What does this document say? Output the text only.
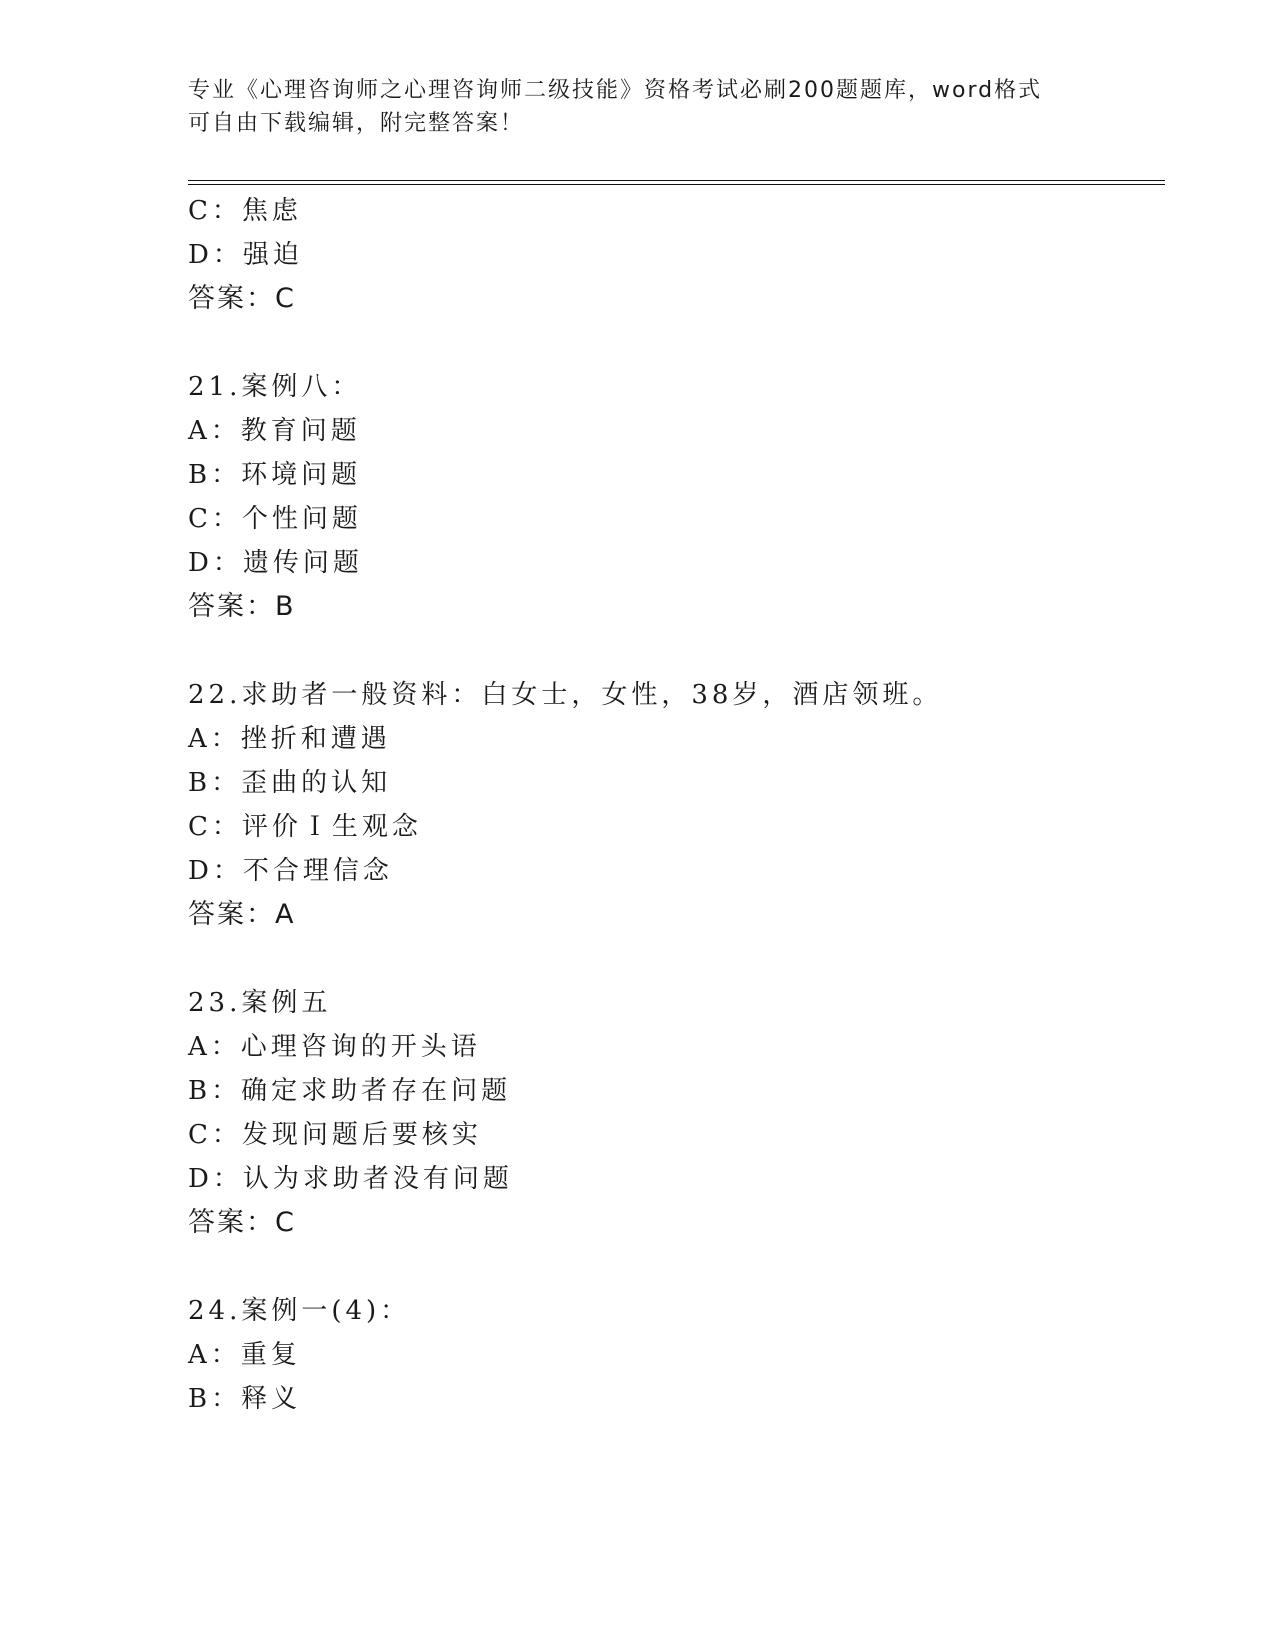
专业《心理咨询师之心理咨询师二级技能》资格考试必刷200题题库，word格式
可自由下载编辑，附完整答案！
C：焦虑
D：强迫
答案：C
21.案例八：
A：教育问题
B：环境问题
C：个性问题
D：遗传问题
答案：B
22.求助者一般资料：白女士，女性，38岁，酒店领班。
A：挫折和遭遇
B：歪曲的认知
C：评价Ｉ生观念
D：不合理信念
答案：A
23.案例五
A：心理咨询的开头语
B：确定求助者存在问题
C：发现问题后要核实
D：认为求助者没有问题
答案：C
24.案例一(4)：
A：重复
B：释义
